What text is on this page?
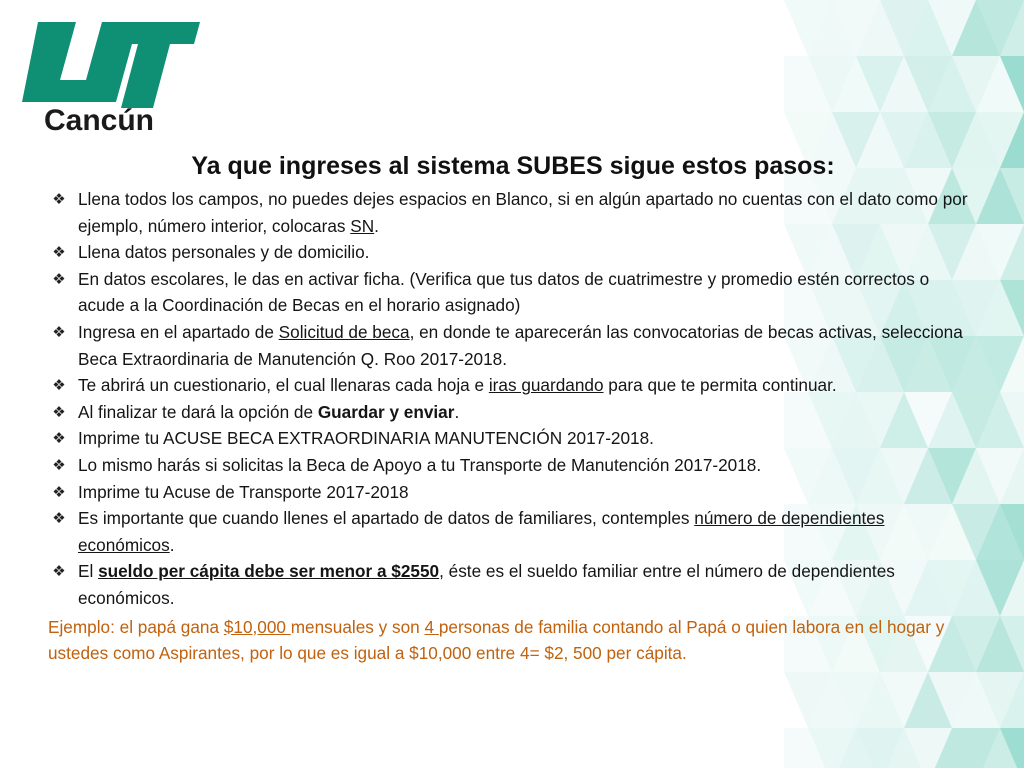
Cancún
Ya que ingreses al sistema SUBES sigue estos pasos:
❖ Llena todos los campos, no puedes dejes espacios en Blanco, si en algún apartado no cuentas con el dato como por ejemplo, número interior, colocaras SN.
❖ Llena datos personales y de domicilio.
❖ En datos escolares, le das en activar ficha. (Verifica que tus datos de cuatrimestre y promedio estén correctos o acude a la Coordinación de Becas en el horario asignado)
❖ Ingresa en el apartado de Solicitud de beca, en donde te aparecerán las convocatorias de becas activas, selecciona Beca Extraordinaria de Manutención Q. Roo 2017-2018.
❖ Te abrirá un cuestionario, el cual llenaras cada hoja e iras guardando para que te permita continuar.
❖ Al finalizar te dará la opción de Guardar y enviar.
❖ Imprime tu ACUSE BECA EXTRAORDINARIA MANUTENCIÓN 2017-2018.
❖ Lo mismo harás si solicitas la Beca de Apoyo a tu Transporte de Manutención 2017-2018.
❖ Imprime tu Acuse de Transporte 2017-2018
❖ Es importante que cuando llenes el apartado de datos de familiares, contemples número de dependientes económicos.
❖ El sueldo per cápita debe ser menor a $2550, éste es el sueldo familiar entre el número de dependientes económicos.
Ejemplo: el papá gana $10,000 mensuales y son 4 personas de familia contando al Papá o quien labora en el hogar y ustedes como Aspirantes, por lo que es igual a $10,000 entre 4= $2, 500 per cápita.
